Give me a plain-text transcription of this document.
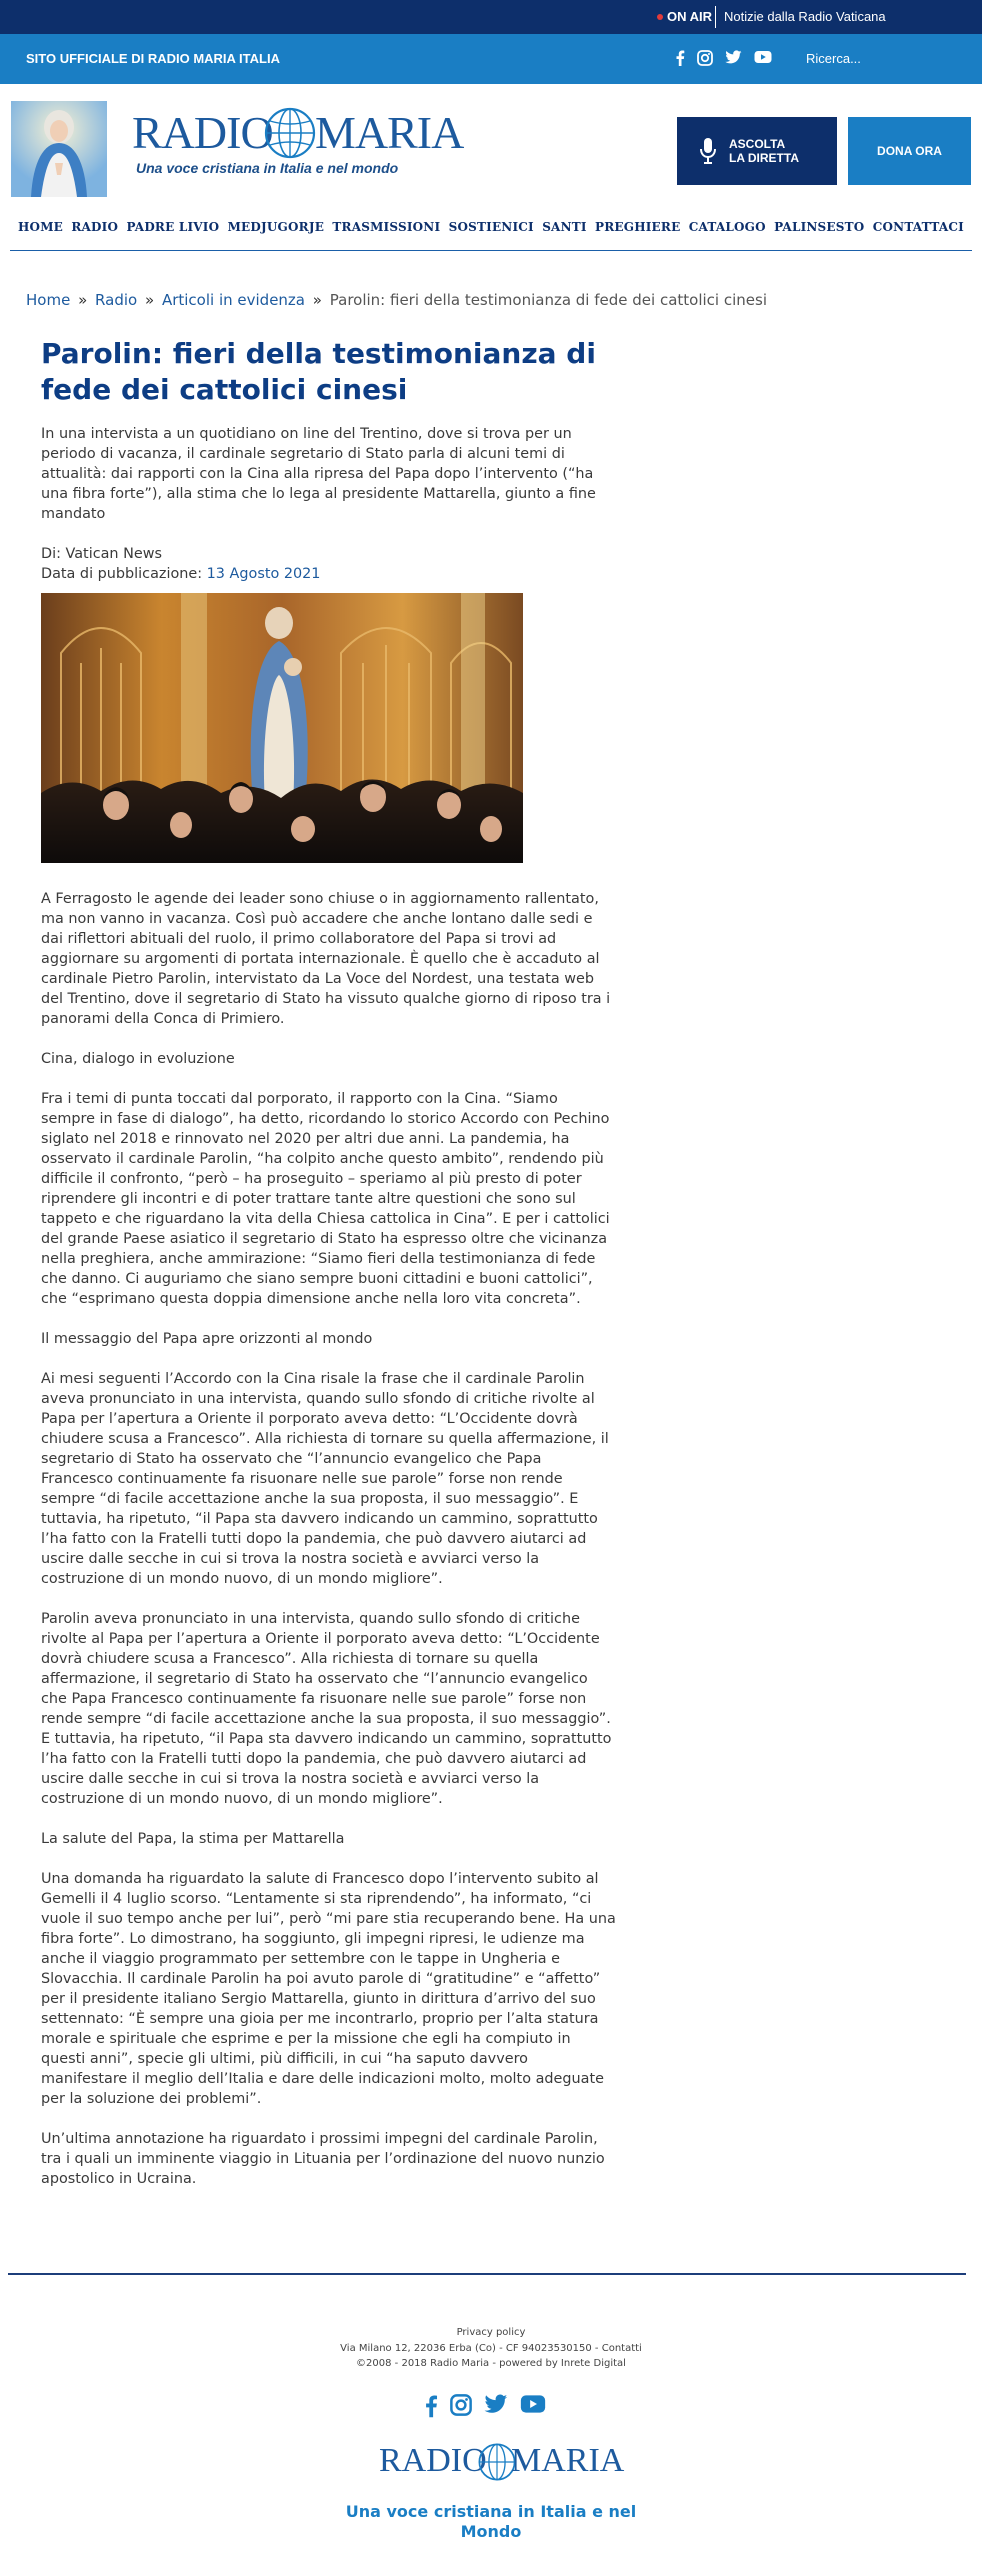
ON AIR Notizie dalla Radio Vaticana
SITO UFFICIALE DI RADIO MARIA ITALIA	Ricerca...
RADIO MARIA
Una voce cristiana in Italia e nel mondo
ASCOLTA LA DIRETTA	DONA ORA
HOME RADIO PADRE LIVIO MEDJUGORJE TRASMISSIONI SOSTIENICI SANTI PREGHIERE CATALOGO PALINSESTO CONTATTACI
Home » Radio » Articoli in evidenza » Parolin: fieri della testimonianza di fede dei cattolici cinesi
Parolin: fieri della testimonianza di fede dei cattolici cinesi

In una intervista a un quotidiano on line del Trentino, dove si trova per un periodo di vacanza, il cardinale segretario di Stato parla di alcuni temi di attualità: dai rapporti con la Cina alla ripresa del Papa dopo l’intervento (“ha una fibra forte”), alla stima che lo lega al presidente Mattarella, giunto a fine mandato

Di: Vatican News

Data di pubblicazione: 13 Agosto 2021

A Ferragosto le agende dei leader sono chiuse o in aggiornamento rallentato, ma non vanno in vacanza. Così può accadere che anche lontano dalle sedi e dai riflettori abituali del ruolo, il primo collaboratore del Papa si trovi ad aggiornare su argomenti di portata internazionale. È quello che è accaduto al cardinale Pietro Parolin, intervistato da La Voce del Nordest, una testata web del Trentino, dove il segretario di Stato ha vissuto qualche giorno di riposo tra i panorami della Conca di Primiero.

Cina, dialogo in evoluzione

Fra i temi di punta toccati dal porporato, il rapporto con la Cina. “Siamo sempre in fase di dialogo”, ha detto, ricordando lo storico Accordo con Pechino siglato nel 2018 e rinnovato nel 2020 per altri due anni. La pandemia, ha osservato il cardinale Parolin, “ha colpito anche questo ambito”, rendendo più difficile il confronto, “però – ha proseguito – speriamo al più presto di poter riprendere gli incontri e di poter trattare tante altre questioni che sono sul tappeto e che riguardano la vita della Chiesa cattolica in Cina”. E per i cattolici del grande Paese asiatico il segretario di Stato ha espresso oltre che vicinanza nella preghiera, anche ammirazione: “Siamo fieri della testimonianza di fede che danno. Ci auguriamo che siano sempre buoni cittadini e buoni cattolici”, che “esprimano questa doppia dimensione anche nella loro vita concreta”.

Il messaggio del Papa apre orizzonti al mondo

Ai mesi seguenti l’Accordo con la Cina risale la frase che il cardinale Parolin aveva pronunciato in una intervista, quando sullo sfondo di critiche rivolte al Papa per l’apertura a Oriente il porporato aveva detto: “L’Occidente dovrà chiudere scusa a Francesco”. Alla richiesta di tornare su quella affermazione, il segretario di Stato ha osservato che “l’annuncio evangelico che Papa Francesco continuamente fa risuonare nelle sue parole” forse non rende sempre “di facile accettazione anche la sua proposta, il suo messaggio”. E tuttavia, ha ripetuto, “il Papa sta davvero indicando un cammino, soprattutto l’ha fatto con la Fratelli tutti dopo la pandemia, che può davvero aiutarci ad uscire dalle secche in cui si trova la nostra società e avviarci verso la costruzione di un mondo nuovo, di un mondo migliore”.

Parolin aveva pronunciato in una intervista, quando sullo sfondo di critiche rivolte al Papa per l’apertura a Oriente il porporato aveva detto: “L’Occidente dovrà chiudere scusa a Francesco”. Alla richiesta di tornare su quella affermazione, il segretario di Stato ha osservato che “l’annuncio evangelico che Papa Francesco continuamente fa risuonare nelle sue parole” forse non rende sempre “di facile accettazione anche la sua proposta, il suo messaggio”. E tuttavia, ha ripetuto, “il Papa sta davvero indicando un cammino, soprattutto l’ha fatto con la Fratelli tutti dopo la pandemia, che può davvero aiutarci ad uscire dalle secche in cui si trova la nostra società e avviarci verso la costruzione di un mondo nuovo, di un mondo migliore”.

La salute del Papa, la stima per Mattarella

Una domanda ha riguardato la salute di Francesco dopo l’intervento subito al Gemelli il 4 luglio scorso. “Lentamente si sta riprendendo”, ha informato, “ci vuole il suo tempo anche per lui”, però “mi pare stia recuperando bene. Ha una fibra forte”. Lo dimostrano, ha soggiunto, gli impegni ripresi, le udienze ma anche il viaggio programmato per settembre con le tappe in Ungheria e Slovacchia. Il cardinale Parolin ha poi avuto parole di “gratitudine” e “affetto” per il presidente italiano Sergio Mattarella, giunto in dirittura d’arrivo del suo settennato: “È sempre una gioia per me incontrarlo, proprio per l’alta statura morale e spirituale che esprime e per la missione che egli ha compiuto in questi anni”, specie gli ultimi, più difficili, in cui “ha saputo davvero manifestare il meglio dell’Italia e dare delle indicazioni molto, molto adeguate per la soluzione dei problemi”.

Un’ultima annotazione ha riguardato i prossimi impegni del cardinale Parolin, tra i quali un imminente viaggio in Lituania per l’ordinazione del nuovo nunzio apostolico in Ucraina.

Privacy policy
Via Milano 12, 22036 Erba (Co) - CF 94023530150 - Contatti
©2008 - 2018 Radio Maria - powered by Inrete Digital
RADIO MARIA
Una voce cristiana in Italia e nel
Mondo
